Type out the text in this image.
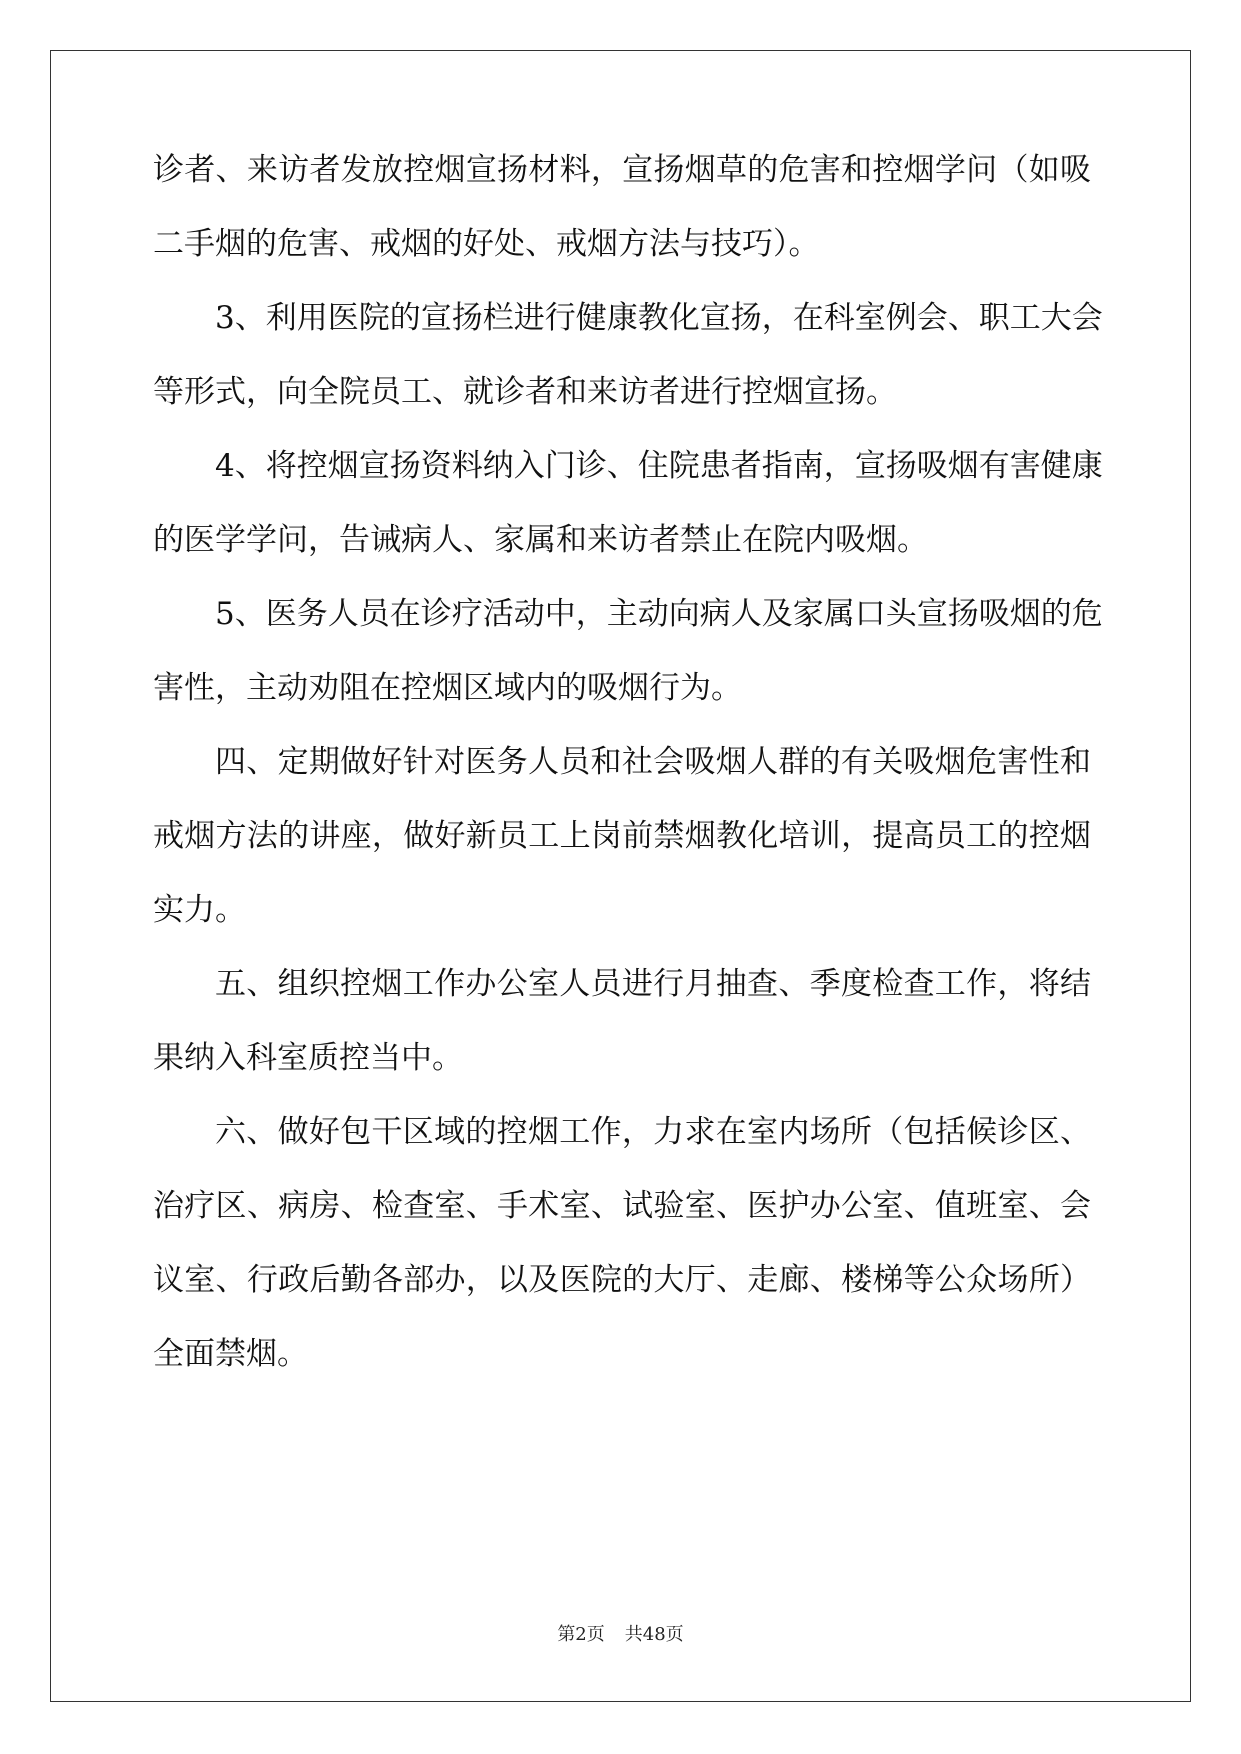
诊者、来访者发放控烟宣扬材料，宣扬烟草的危害和控烟学问（如吸

二手烟的危害、戒烟的好处、戒烟方法与技巧）。

3、利用医院的宣扬栏进行健康教化宣扬，在科室例会、职工大会

等形式，向全院员工、就诊者和来访者进行控烟宣扬。

4、将控烟宣扬资料纳入门诊、住院患者指南，宣扬吸烟有害健康

的医学学问，告诫病人、家属和来访者禁止在院内吸烟。

5、医务人员在诊疗活动中，主动向病人及家属口头宣扬吸烟的危

害性，主动劝阻在控烟区域内的吸烟行为。

四、定期做好针对医务人员和社会吸烟人群的有关吸烟危害性和

戒烟方法的讲座，做好新员工上岗前禁烟教化培训，提高员工的控烟

实力。

五、组织控烟工作办公室人员进行月抽查、季度检查工作，将结

果纳入科室质控当中。

六、做好包干区域的控烟工作，力求在室内场所（包括候诊区、

治疗区、病房、检查室、手术室、试验室、医护办公室、值班室、会

议室、行政后勤各部办，以及医院的大厅、走廊、楼梯等公众场所）

全面禁烟。

第2页 共48页
